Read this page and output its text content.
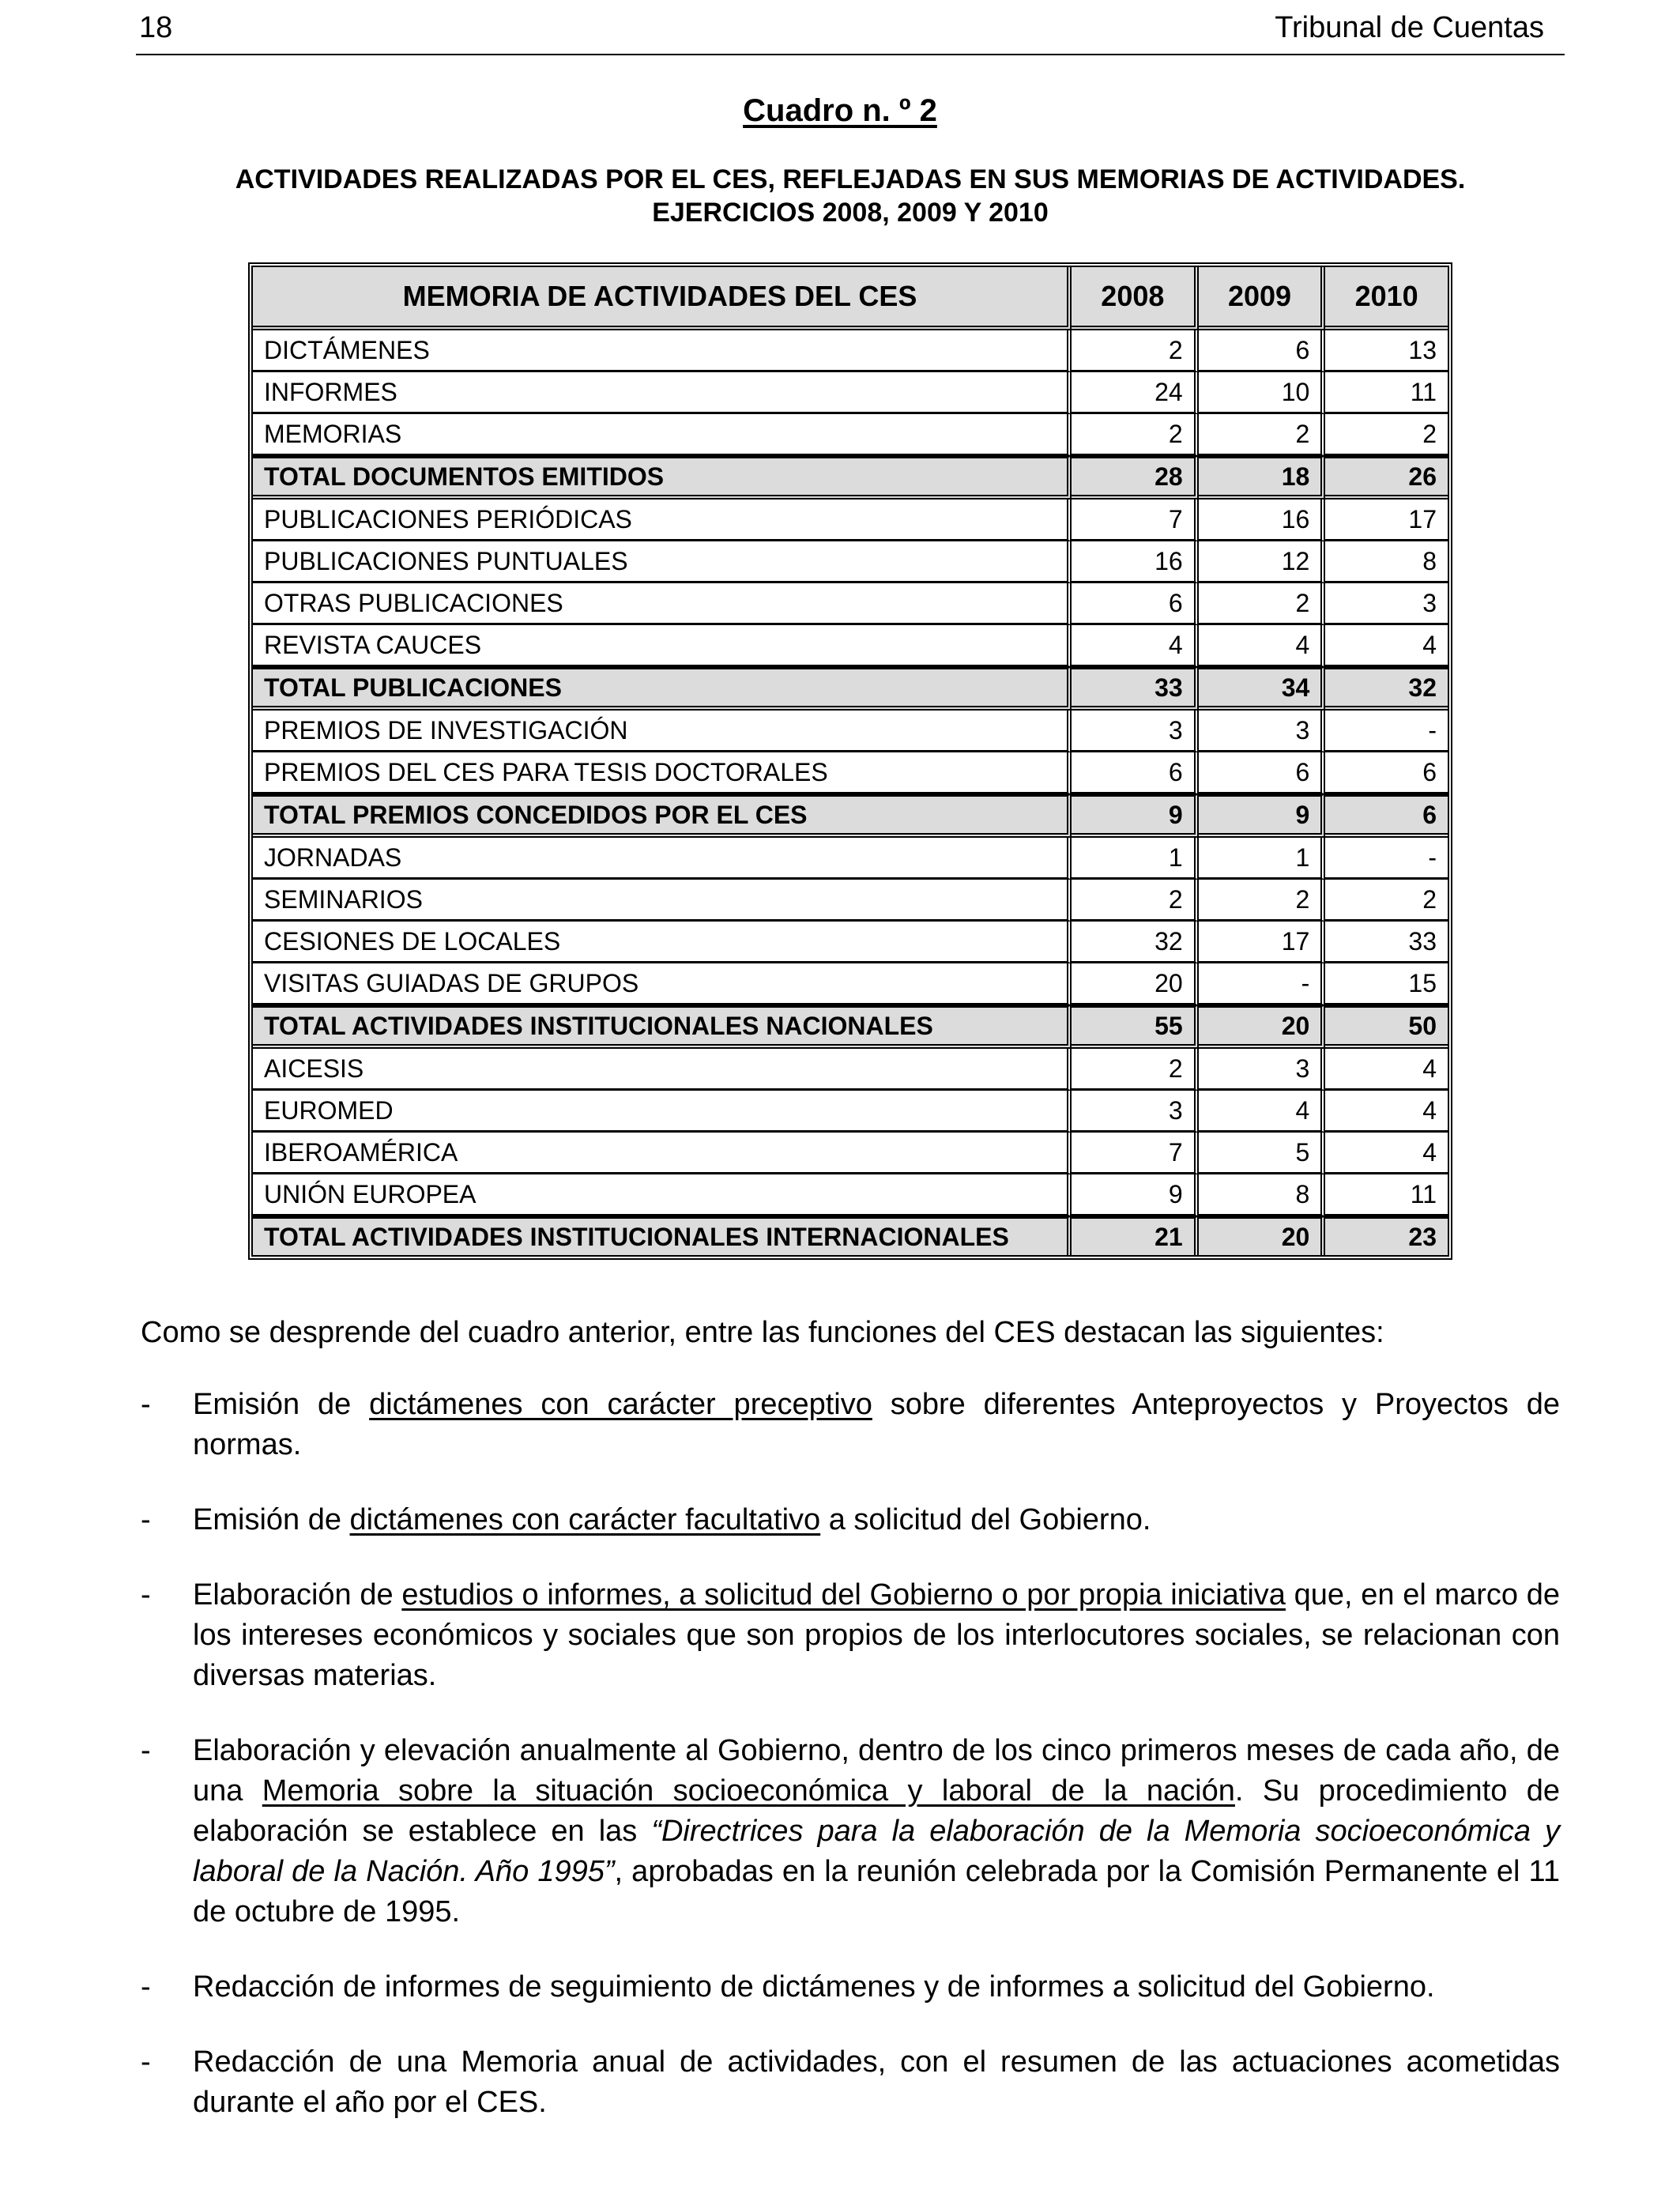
18	Tribunal de Cuentas
Cuadro n. º 2
ACTIVIDADES REALIZADAS POR EL CES, REFLEJADAS EN SUS MEMORIAS DE ACTIVIDADES.
EJERCICIOS 2008, 2009 Y 2010
MEMORIA DE ACTIVIDADES DEL CES	2008	2009	2010
DICTÁMENES	2	6	13
INFORMES	24	10	11
MEMORIAS	2	2	2
TOTAL DOCUMENTOS EMITIDOS	28	18	26
PUBLICACIONES PERIÓDICAS	7	16	17
PUBLICACIONES PUNTUALES	16	12	8
OTRAS PUBLICACIONES	6	2	3
REVISTA CAUCES	4	4	4
TOTAL PUBLICACIONES	33	34	32
PREMIOS DE INVESTIGACIÓN	3	3	-
PREMIOS DEL CES PARA TESIS DOCTORALES	6	6	6
TOTAL PREMIOS CONCEDIDOS POR EL CES	9	9	6
JORNADAS	1	1	-
SEMINARIOS	2	2	2
CESIONES DE LOCALES	32	17	33
VISITAS GUIADAS DE GRUPOS	20	-	15
TOTAL ACTIVIDADES INSTITUCIONALES NACIONALES	55	20	50
AICESIS	2	3	4
EUROMED	3	4	4
IBEROAMÉRICA	7	5	4
UNIÓN EUROPEA	9	8	11
TOTAL ACTIVIDADES INSTITUCIONALES INTERNACIONALES	21	20	23
Como se desprende del cuadro anterior, entre las funciones del CES destacan las siguientes:
- Emisión de dictámenes con carácter preceptivo sobre diferentes Anteproyectos y Proyectos de normas.
- Emisión de dictámenes con carácter facultativo a solicitud del Gobierno.
- Elaboración de estudios o informes, a solicitud del Gobierno o por propia iniciativa que, en el marco de los intereses económicos y sociales que son propios de los interlocutores sociales, se relacionan con diversas materias.
- Elaboración y elevación anualmente al Gobierno, dentro de los cinco primeros meses de cada año, de una Memoria sobre la situación socioeconómica y laboral de la nación. Su procedimiento de elaboración se establece en las “Directrices para la elaboración de la Memoria socioeconómica y laboral de la Nación. Año 1995”, aprobadas en la reunión celebrada por la Comisión Permanente el 11 de octubre de 1995.
- Redacción de informes de seguimiento de dictámenes y de informes a solicitud del Gobierno.
- Redacción de una Memoria anual de actividades, con el resumen de las actuaciones acometidas durante el año por el CES.
